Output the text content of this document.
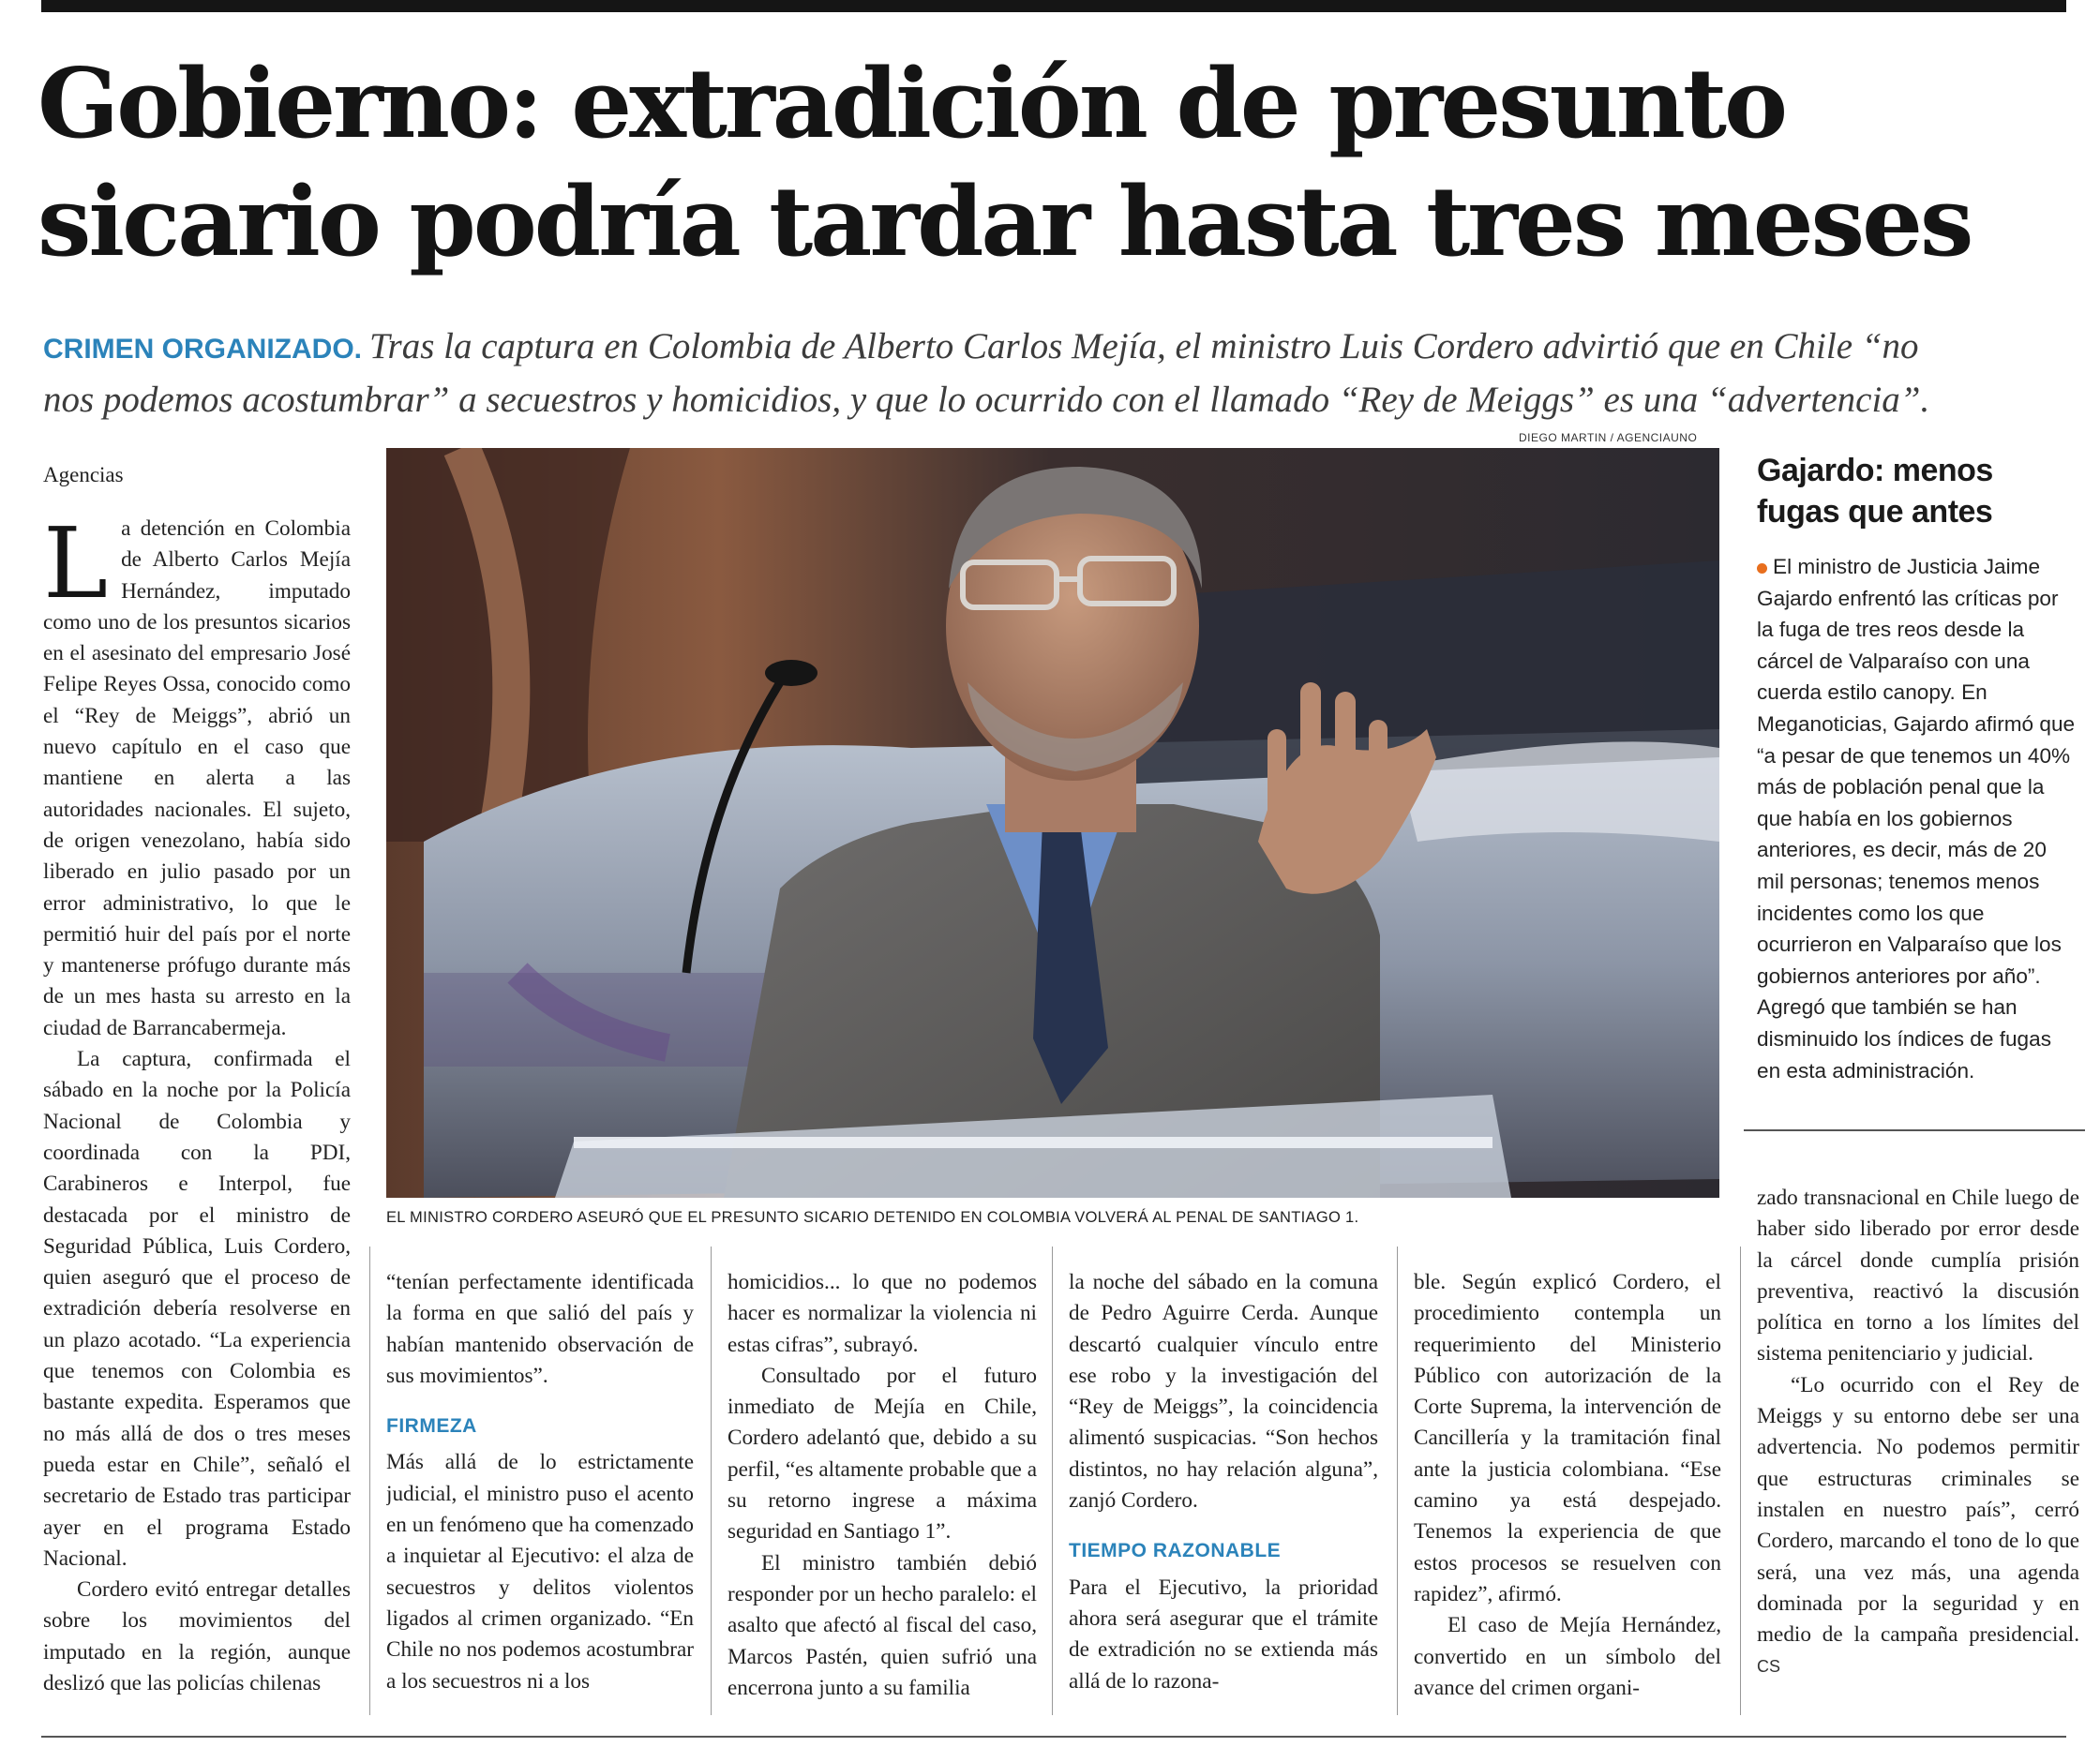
Gobierno: extradición de presunto
sicario podría tardar hasta tres meses
CRIMEN ORGANIZADO. Tras la captura en Colombia de Alberto Carlos Mejía, el ministro Luis Cordero advirtió que en Chile “no
nos podemos acostumbrar” a secuestros y homicidios, y que lo ocurrido con el llamado “Rey de Meiggs” es una “advertencia”.
Agencias

La detención en Colombia de Alberto Carlos Mejía Hernández, imputado como uno de los presuntos sicarios en el asesinato del empresario José Felipe Reyes Ossa, conocido como el “Rey de Meiggs”, abrió un nuevo capítulo en el caso que mantiene en alerta a las autoridades nacionales. El sujeto, de origen venezolano, había sido liberado en julio pasado por un error administrativo, lo que le permitió huir del país por el norte y mantenerse prófugo durante más de un mes hasta su arresto en la ciudad de Barrancabermeja.

La captura, confirmada el sábado en la noche por la Policía Nacional de Colombia y coordinada con la PDI, Carabineros e Interpol, fue destacada por el ministro de Seguridad Pública, Luis Cordero, quien aseguró que el proceso de extradición debería resolverse en un plazo acotado. “La experiencia que tenemos con Colombia es bastante expedita. Esperamos que no más allá de dos o tres meses pueda estar en Chile”, señaló el secretario de Estado tras participar ayer en el programa Estado Nacional.

Cordero evitó entregar detalles sobre los movimientos del imputado en la región, aunque deslizó que las policías chilenas

DIEGO MARTIN / AGENCIAUNO
EL MINISTRO CORDERO ASEURÓ QUE EL PRESUNTO SICARIO DETENIDO EN COLOMBIA VOLVERÁ AL PENAL DE SANTIAGO 1.
Gajardo: menos
fugas que antes
El ministro de Justicia Jaime Gajardo enfrentó las críticas por la fuga de tres reos desde la cárcel de Valparaíso con una cuerda estilo canopy. En Meganoticias, Gajardo afirmó que “a pesar de que tenemos un 40% más de población penal que la que había en los gobiernos anteriores, es decir, más de 20 mil personas; tenemos menos incidentes como los que ocurrieron en Valparaíso que los gobiernos anteriores por año”. Agregó que también se han disminuido los índices de fugas en esta administración.

“tenían perfectamente identificada la forma en que salió del país y habían mantenido observación de sus movimientos”.

FIRMEZA

Más allá de lo estrictamente judicial, el ministro puso el acento en un fenómeno que ha comenzado a inquietar al Ejecutivo: el alza de secuestros y delitos violentos ligados al crimen organizado. “En Chile no nos podemos acostumbrar a los secuestros ni a los

homicidios... lo que no podemos hacer es normalizar la violencia ni estas cifras”, subrayó.

Consultado por el futuro inmediato de Mejía en Chile, Cordero adelantó que, debido a su perfil, “es altamente probable que a su retorno ingrese a máxima seguridad en Santiago 1”.

El ministro también debió responder por un hecho paralelo: el asalto que afectó al fiscal del caso, Marcos Pastén, quien sufrió una encerrona junto a su familia

la noche del sábado en la comuna de Pedro Aguirre Cerda. Aunque descartó cualquier vínculo entre ese robo y la investigación del “Rey de Meiggs”, la coincidencia alimentó suspicacias. “Son hechos distintos, no hay relación alguna”, zanjó Cordero.

TIEMPO RAZONABLE

Para el Ejecutivo, la prioridad ahora será asegurar que el trámite de extradición no se extienda más allá de lo razona-

ble. Según explicó Cordero, el procedimiento contempla un requerimiento del Ministerio Público con autorización de la Corte Suprema, la intervención de Cancillería y la tramitación final ante la justicia colombiana. “Ese camino ya está despejado. Tenemos la experiencia de que estos procesos se resuelven con rapidez”, afirmó.

El caso de Mejía Hernández, convertido en un símbolo del avance del crimen organi-

zado transnacional en Chile luego de haber sido liberado por error desde la cárcel donde cumplía prisión preventiva, reactivó la discusión política en torno a los límites del sistema penitenciario y judicial.

“Lo ocurrido con el Rey de Meiggs y su entorno debe ser una advertencia. No podemos permitir que estructuras criminales se instalen en nuestro país”, cerró Cordero, marcando el tono de lo que será, una vez más, una agenda dominada por la seguridad y en medio de la campaña presidencial. CS
